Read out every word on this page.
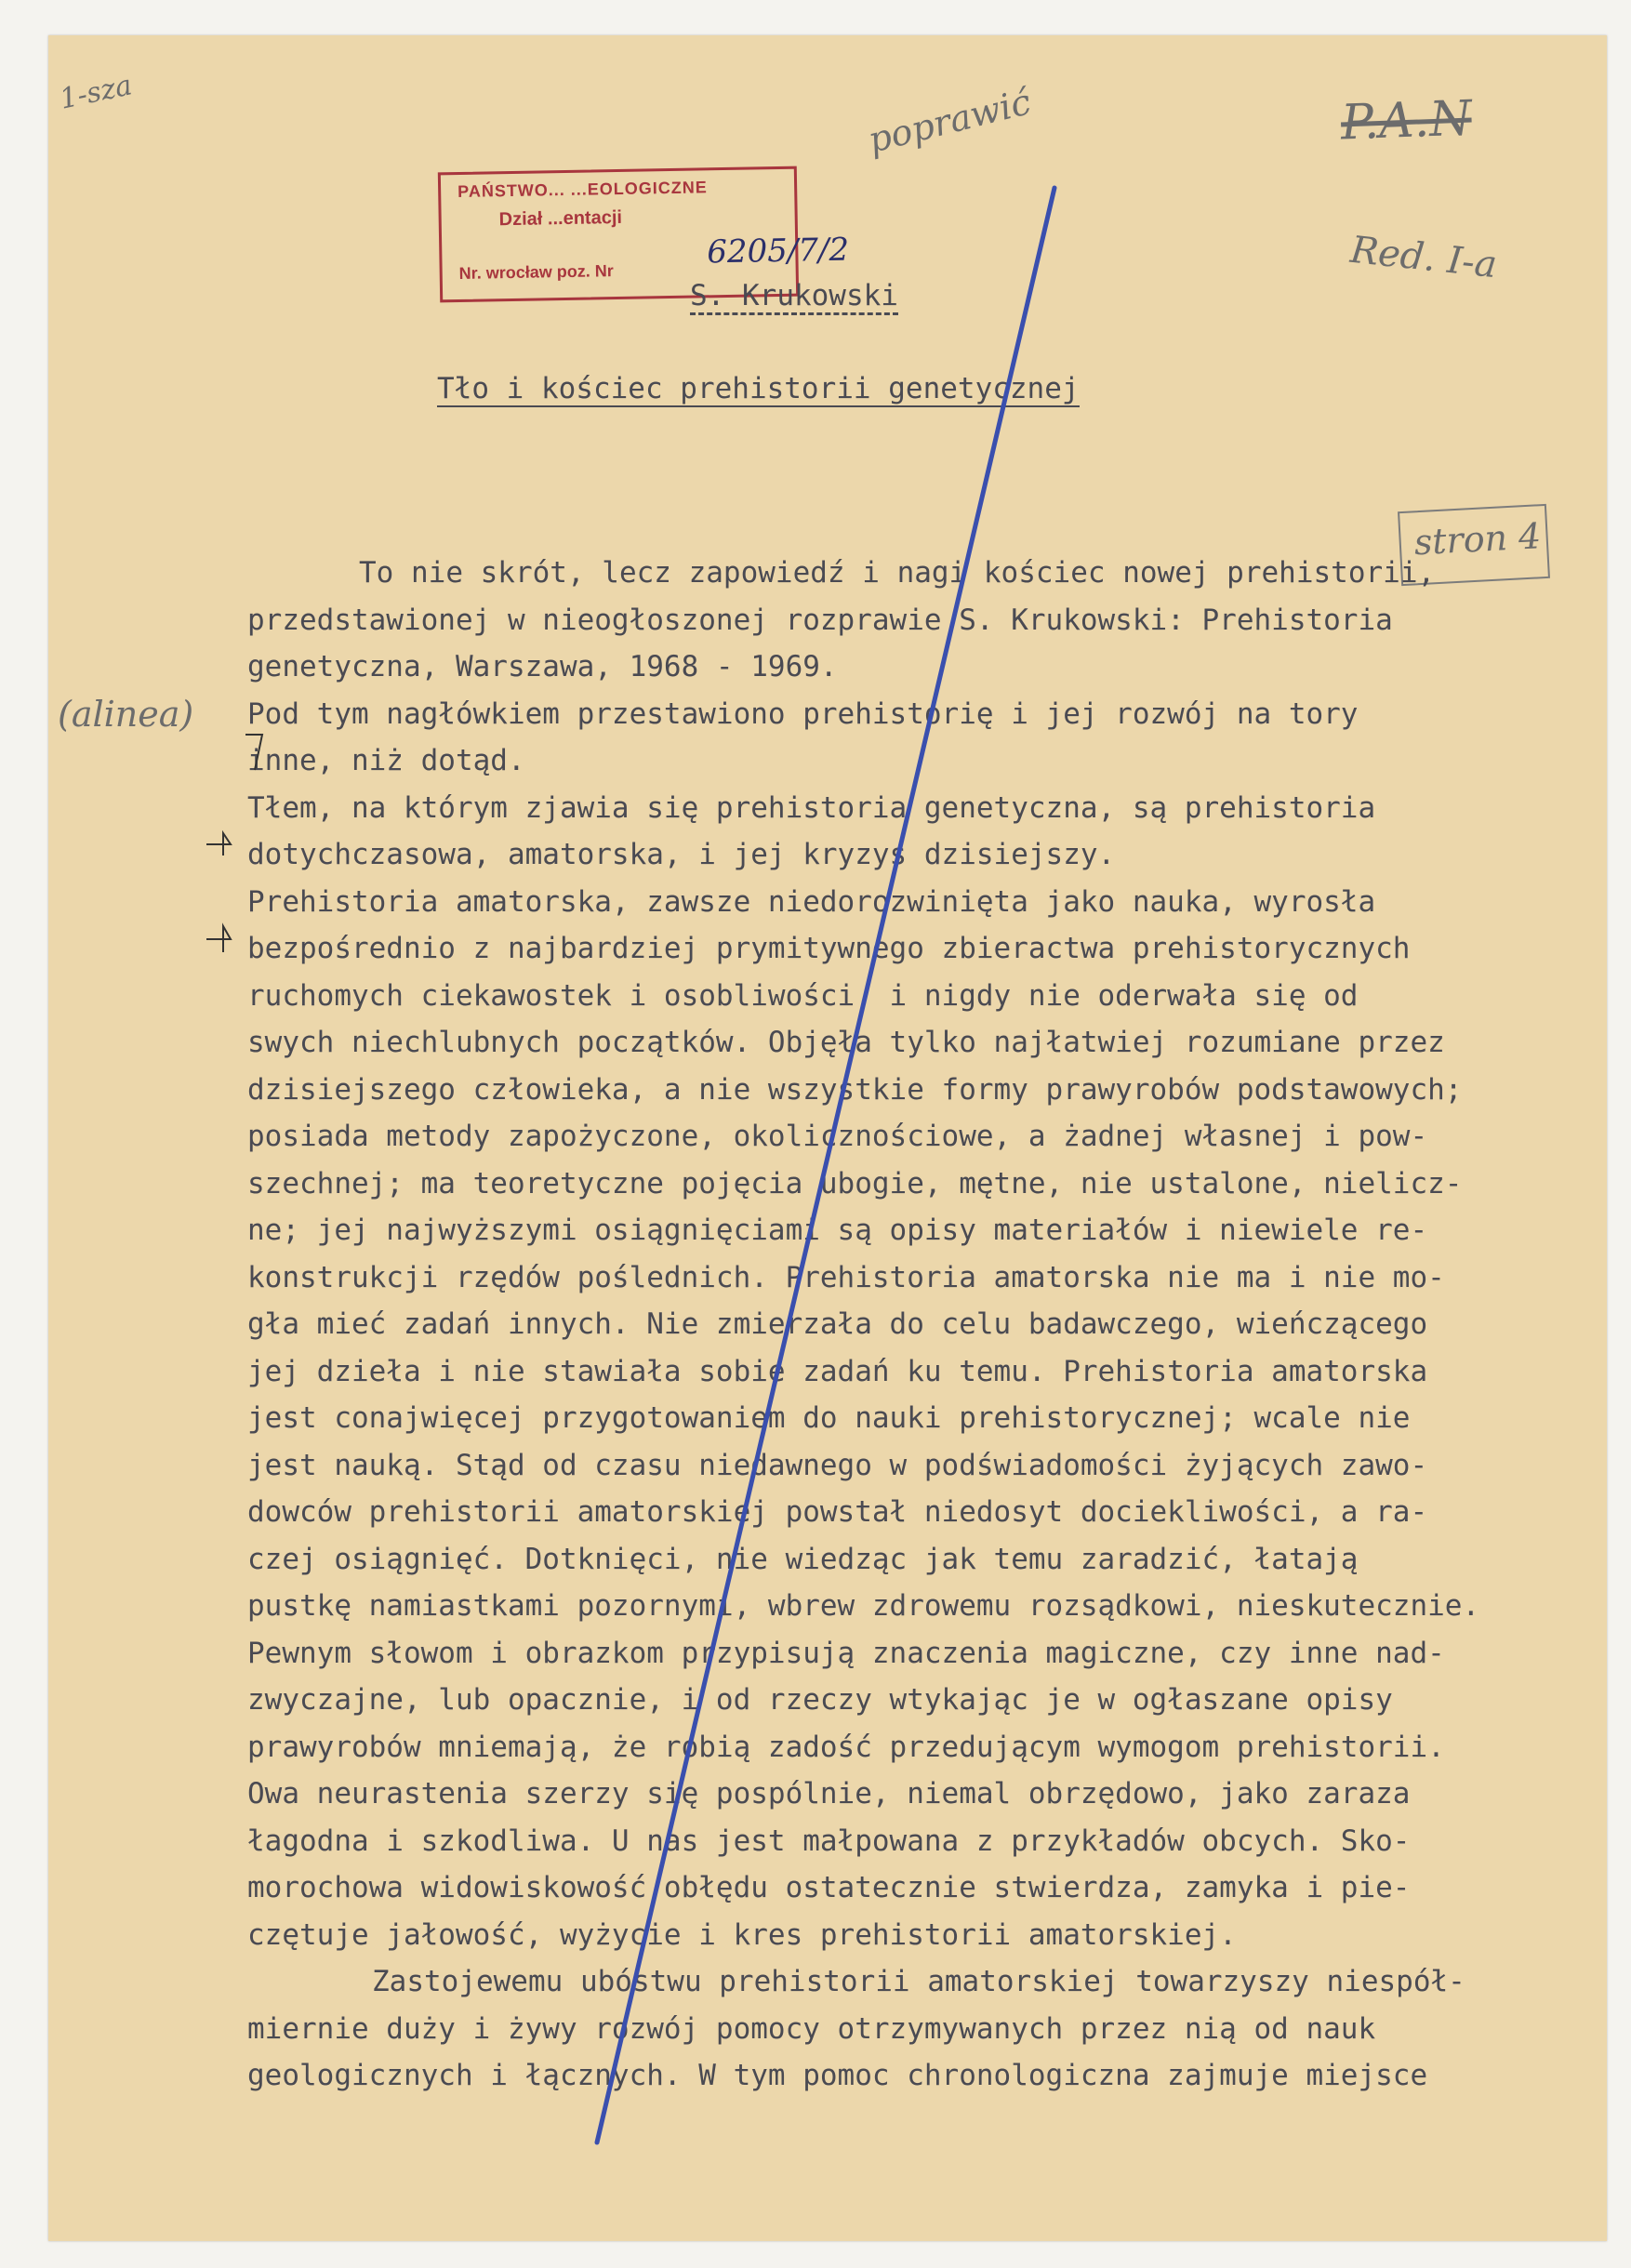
1-sza	poprawić	P.A.N
Red. I-a
stron 4
PAŃSTWO... ...EOLOGICZNE
Dział ...entacji
Nr. wrocław poz. Nr
6205/7/2
S. Krukowski
Tło i kościec prehistorii genetycznej
(alinea)
To nie skrót, lecz zapowiedź i nagi kościec nowej prehistorii,
przedstawionej w nieogłoszonej rozprawie S. Krukowski: Prehistoria
genetyczna, Warszawa, 1968 - 1969.
Pod tym nagłówkiem przestawiono prehistorię i jej rozwój na tory
inne, niż dotąd.
Tłem, na którym zjawia się prehistoria genetyczna, są prehistoria
dotychczasowa, amatorska, i jej kryzys dzisiejszy.
Prehistoria amatorska, zawsze niedorozwinięta jako nauka, wyrosła
bezpośrednio z najbardziej prymitywnego zbieractwa prehistorycznych
ruchomych ciekawostek i osobliwości, i nigdy nie oderwała się od
swych niechlubnych początków. Objęła tylko najłatwiej rozumiane przez
dzisiejszego człowieka, a nie wszystkie formy prawyrobów podstawowych;
posiada metody zapożyczone, okolicznościowe, a żadnej własnej i pow-
szechnej; ma teoretyczne pojęcia ubogie, mętne, nie ustalone, nielicz-
ne; jej najwyższymi osiągnięciami są opisy materiałów i niewiele re-
konstrukcji rzędów poślednich. Prehistoria amatorska nie ma i nie mo-
gła mieć zadań innych. Nie zmierzała do celu badawczego, wieńczącego
jej dzieła i nie stawiała sobie zadań ku temu. Prehistoria amatorska
jest conajwięcej przygotowaniem do nauki prehistorycznej; wcale nie
jest nauką. Stąd od czasu niedawnego w podświadomości żyjących zawo-
dowców prehistorii amatorskiej powstał niedosyt dociekliwości, a ra-
czej osiągnięć. Dotknięci, nie wiedząc jak temu zaradzić, łatają
pustkę namiastkami pozornymi, wbrew zdrowemu rozsądkowi, nieskutecznie.
Pewnym słowom i obrazkom przypisują znaczenia magiczne, czy inne nad-
zwyczajne, lub opacznie, i od rzeczy wtykając je w ogłaszane opisy
prawyrobów mniemają, że robią zadość przedującym wymogom prehistorii.
Owa neurastenia szerzy się pospólnie, niemal obrzędowo, jako zaraza
łagodna i szkodliwa. U nas jest małpowana z przykładów obcych. Sko-
morochowa widowiskowość obłędu ostatecznie stwierdza, zamyka i pie-
czętuje jałowość, wyżycie i kres prehistorii amatorskiej.
Zastojewemu ubóstwu prehistorii amatorskiej towarzyszy niespół-
miernie duży i żywy rozwój pomocy otrzymywanych przez nią od nauk
geologicznych i łącznych. W tym pomoc chronologiczna zajmuje miejsce
